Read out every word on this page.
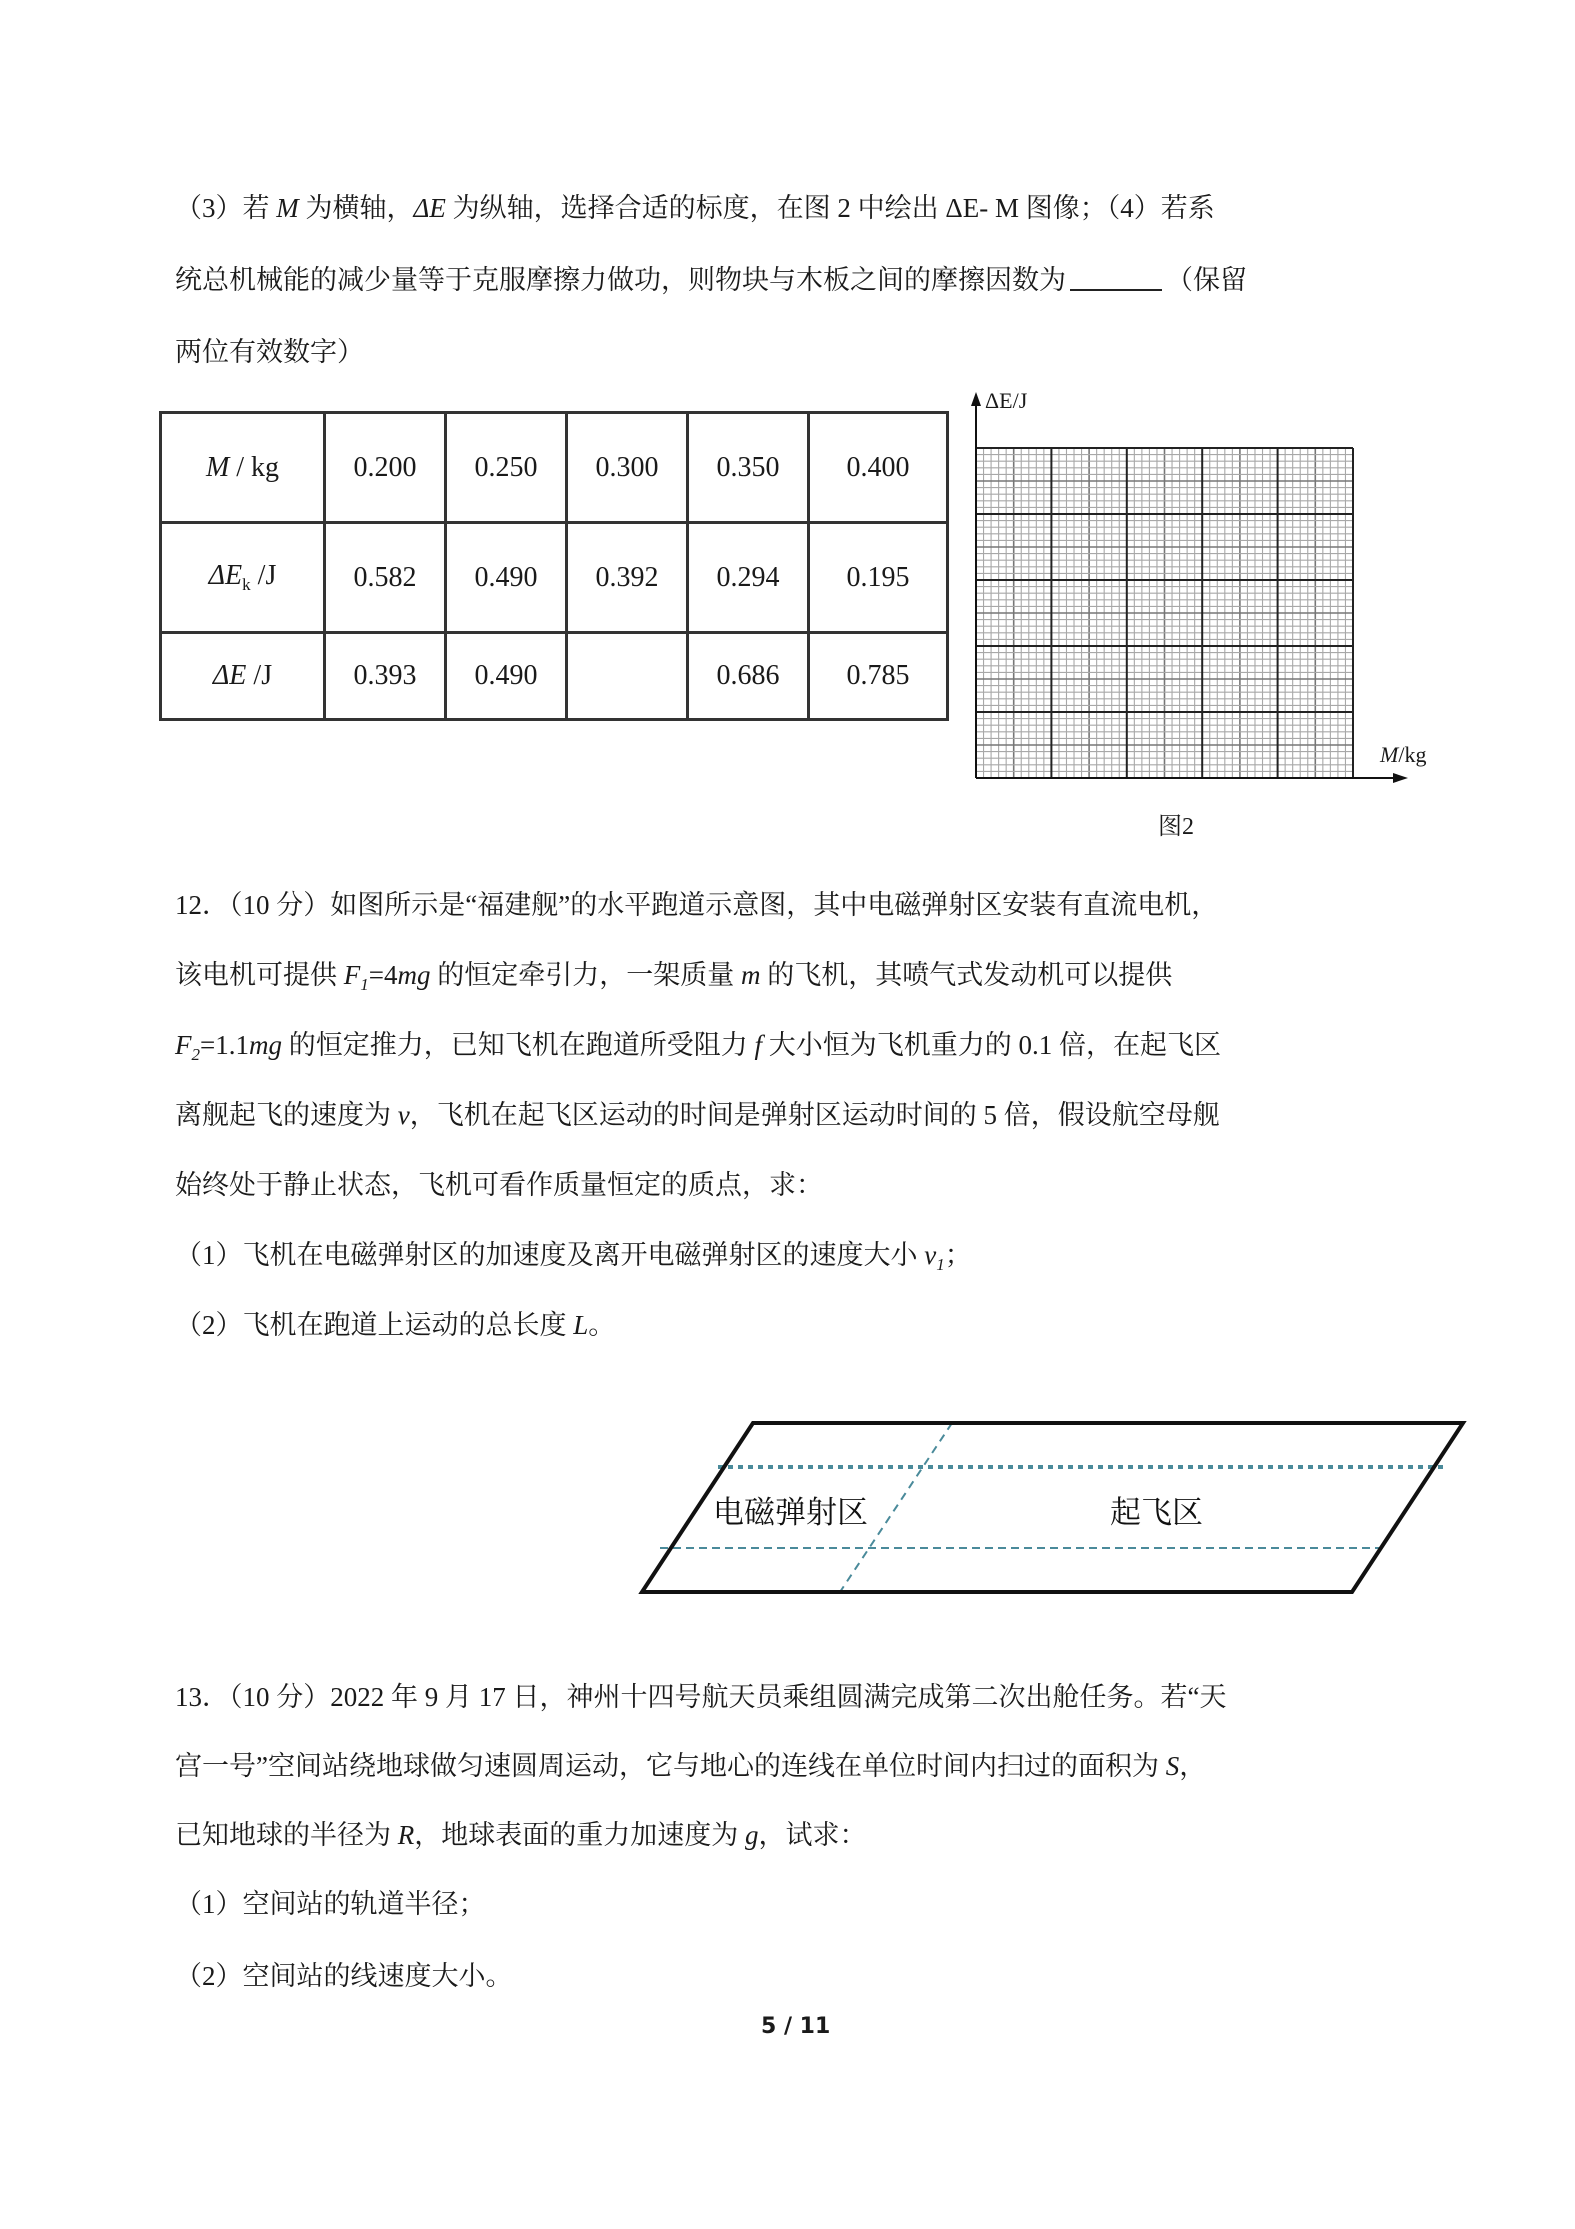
（3）若 M 为横轴，ΔE 为纵轴，选择合适的标度，在图 2 中绘出 ΔE- M 图像；（4）若系
统总机械能的减少量等于克服摩擦力做功，则物块与木板之间的摩擦因数为	（保留
两位有效数字）
M / kg	0.200	0.250	0.300	0.350	0.400
$\Delta E_k$ /J	0.582	0.490	0.392	0.294	0.195
ΔE /J	0.393	0.490		0.686	0.785
ΔE/J
M/kg
图2
12．（10 分）如图所示是“福建舰”的水平跑道示意图，其中电磁弹射区安装有直流电机，
该电机可提供 $F_1=4mg$ 的恒定牵引力，一架质量 m 的飞机，其喷气式发动机可以提供
$F_2=1.1mg$ 的恒定推力，已知飞机在跑道所受阻力 f 大小恒为飞机重力的 0.1 倍，在起飞区
离舰起飞的速度为 v，飞机在起飞区运动的时间是弹射区运动时间的 5 倍，假设航空母舰
始终处于静止状态，飞机可看作质量恒定的质点，求：
（1）飞机在电磁弹射区的加速度及离开电磁弹射区的速度大小 $v_1$；
（2）飞机在跑道上运动的总长度 L。
电磁弹射区	起飞区
13．（10 分）2022 年 9 月 17 日，神州十四号航天员乘组圆满完成第二次出舱任务。若“天
宫一号”空间站绕地球做匀速圆周运动，它与地心的连线在单位时间内扫过的面积为 S，
已知地球的半径为 R，地球表面的重力加速度为 g，试求：
（1）空间站的轨道半径；
（2）空间站的线速度大小。
5 / 11
